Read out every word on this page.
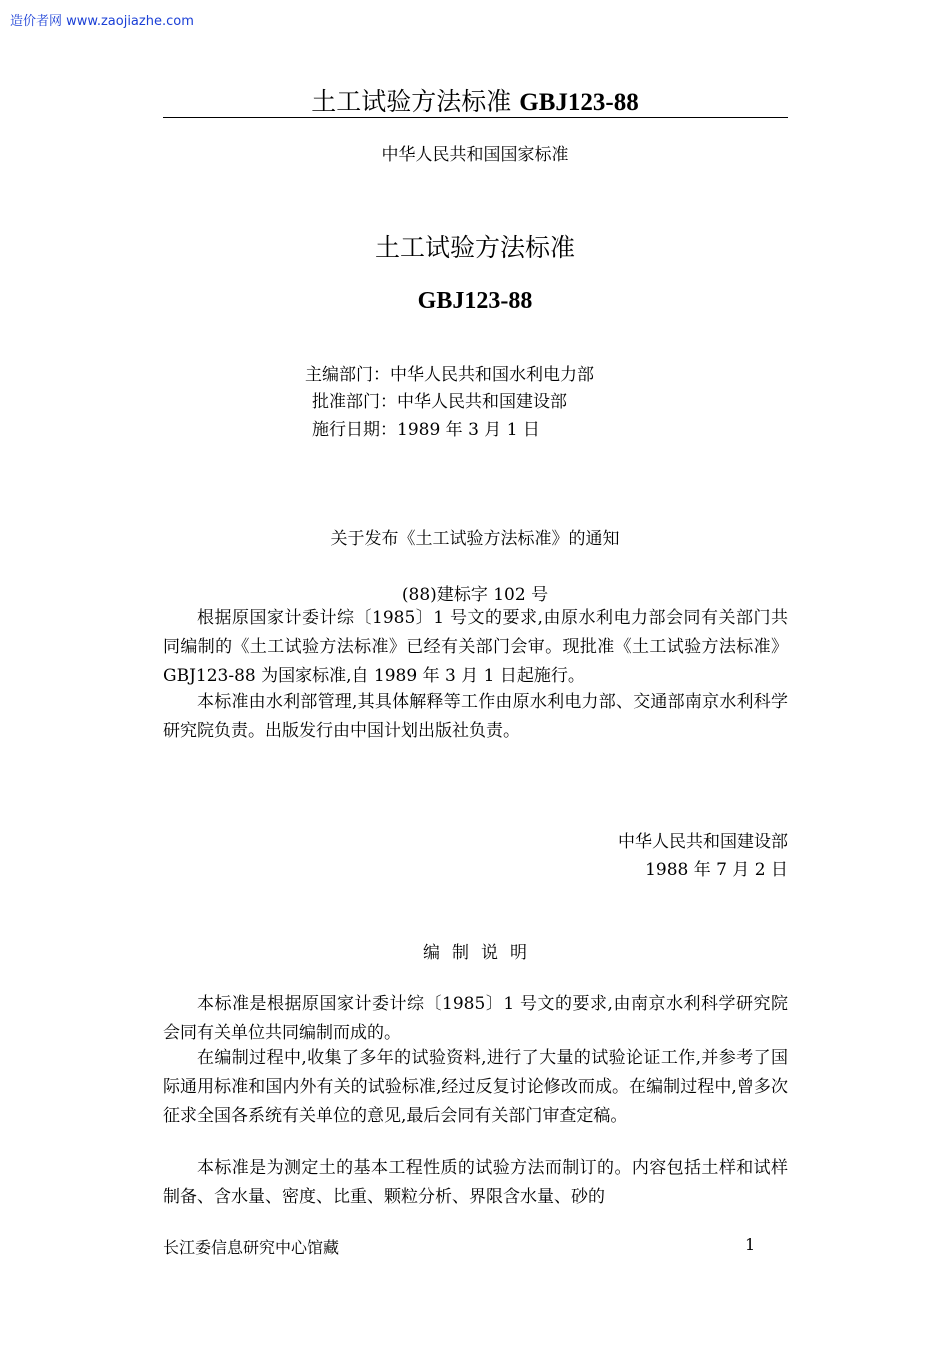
造价者网 www.zaojiazhe.com
土工试验方法标准 GBJ123-88
中华人民共和国国家标准
土工试验方法标准
GBJ123-88
主编部门：中华人民共和国水利电力部
批准部门：中华人民共和国建设部
施行日期：1989 年 3 月 1 日
关于发布《土工试验方法标准》的通知
(88)建标字 102 号
根据原国家计委计综〔1985〕1 号文的要求,由原水利电力部会同有关部门共同编制的《土工试验方法标准》已经有关部门会审。现批准《土工试验方法标准》GBJ123-88 为国家标准,自 1989 年 3 月 1 日起施行。
本标准由水利部管理,其具体解释等工作由原水利电力部、交通部南京水利科学研究院负责。出版发行由中国计划出版社负责。
中华人民共和国建设部
1988 年 7 月 2 日
编制说明
本标准是根据原国家计委计综〔1985〕1 号文的要求,由南京水利科学研究院会同有关单位共同编制而成的。
在编制过程中,收集了多年的试验资料,进行了大量的试验论证工作,并参考了国际通用标准和国内外有关的试验标准,经过反复讨论修改而成。在编制过程中,曾多次征求全国各系统有关单位的意见,最后会同有关部门审查定稿。
本标准是为测定土的基本工程性质的试验方法而制订的。内容包括土样和试样制备、含水量、密度、比重、颗粒分析、界限含水量、砂的
长江委信息研究中心馆藏	1
